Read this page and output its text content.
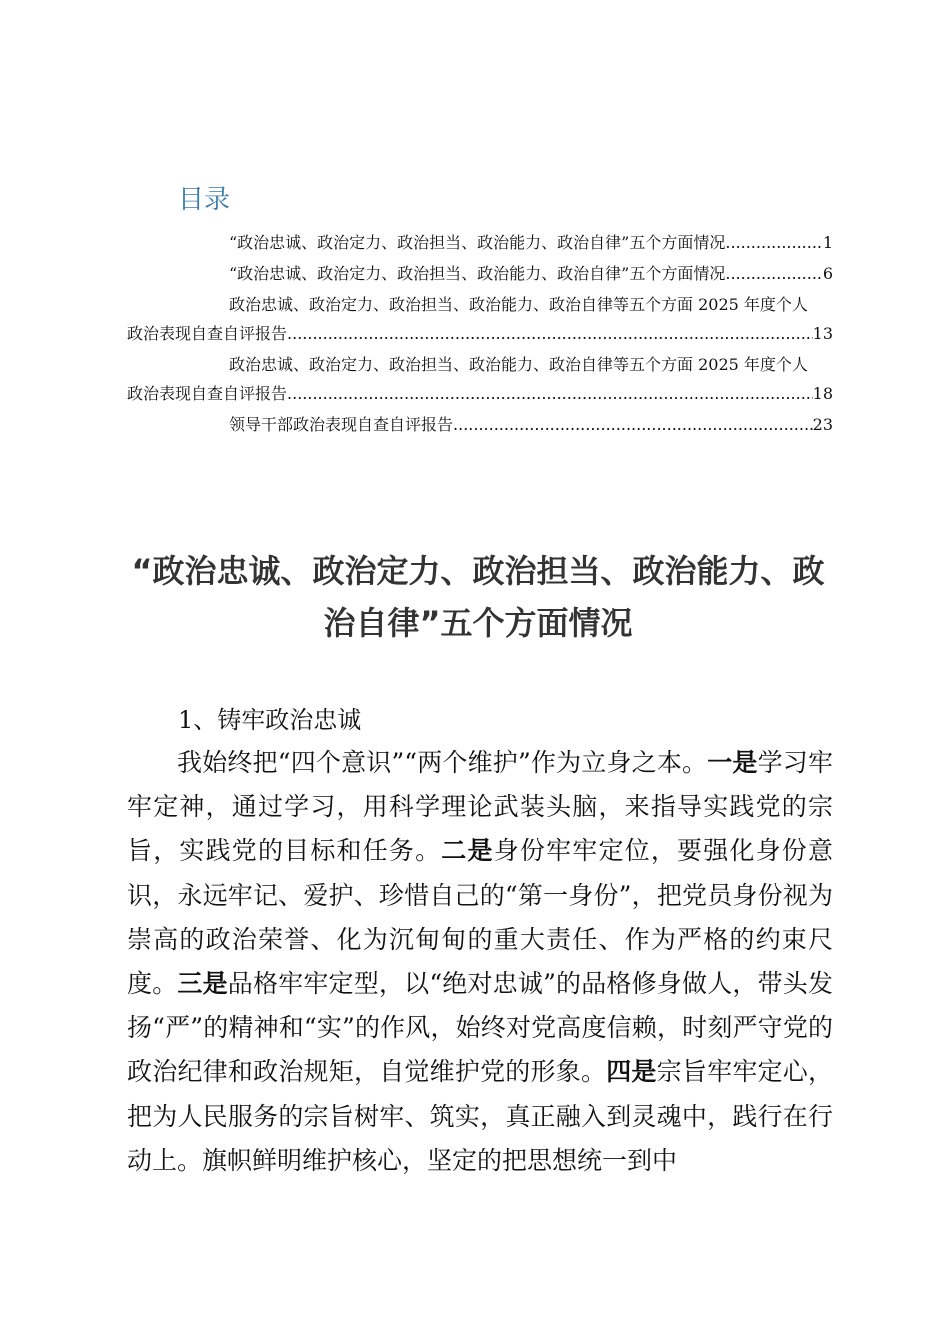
目录
“政治忠诚、政治定力、政治担当、政治能力、政治自律”五个方面情况 .....	1
“政治忠诚、政治定力、政治担当、政治能力、政治自律”五个方面情况 .....	6
政治忠诚、政治定力、政治担当、政治能力、政治自律等五个方面 2025 年度个人
政治表现自查自评报告 .....	13
政治忠诚、政治定力、政治担当、政治能力、政治自律等五个方面 2025 年度个人
政治表现自查自评报告 .....	18
领导干部政治表现自查自评报告 .....	23
“政治忠诚、政治定力、政治担当、政治能力、政
治自律”五个方面情况
1、铸牢政治忠诚

我始终把“四个意识”“两个维护”作为立身之本。一是学习牢牢定神，通过学习，用科学理论武装头脑，来指导实践党的宗旨，实践党的目标和任务。二是身份牢牢定位，要强化身份意识，永远牢记、爱护、珍惜自己的“第一身份”，把党员身份视为崇高的政治荣誉、化为沉甸甸的重大责任、作为严格的约束尺度。三是品格牢牢定型，以“绝对忠诚”的品格修身做人，带头发扬“严”的精神和“实”的作风，始终对党高度信赖，时刻严守党的政治纪律和政治规矩，自觉维护党的形象。四是宗旨牢牢定心，把为人民服务的宗旨树牢、筑实，真正融入到灵魂中，践行在行动上。旗帜鲜明维护核心，坚定的把思想统一到中
